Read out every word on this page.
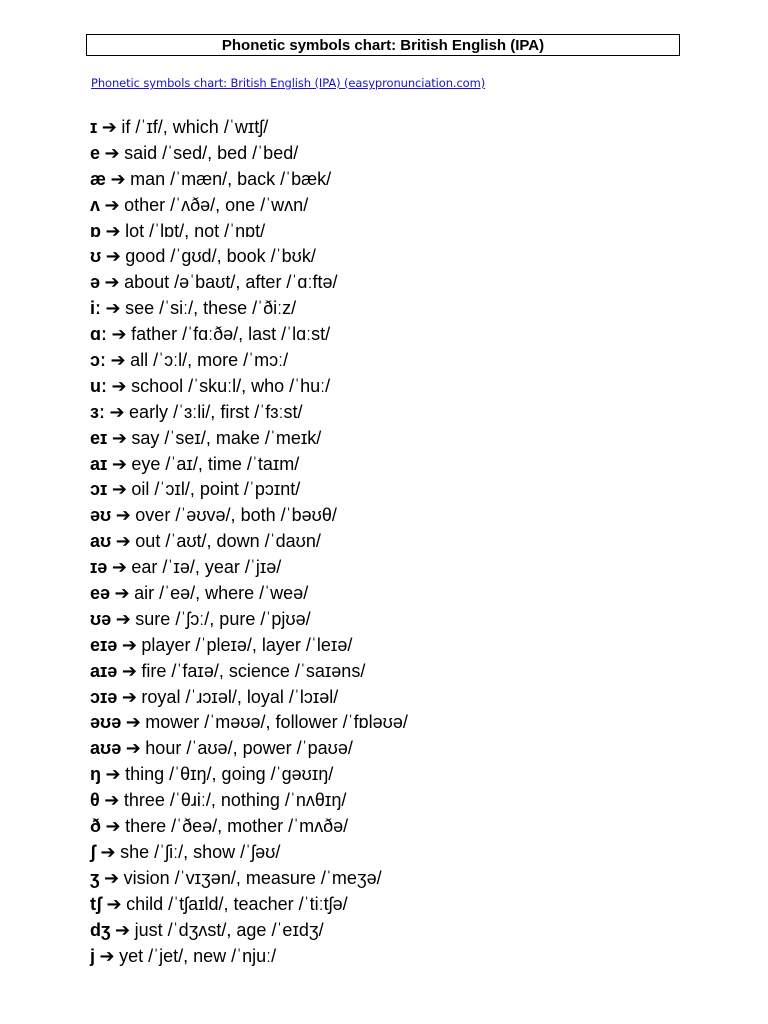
Phonetic symbols chart: British English (IPA)
Phonetic symbols chart: British English (IPA) (easypronunciation.com)
ɪ ➔ if /ˈɪf/, which /ˈwɪtʃ/
e ➔ said /ˈsed/, bed /ˈbed/
æ ➔ man /ˈmæn/, back /ˈbæk/
ʌ ➔ other /ˈʌðə/, one /ˈwʌn/
ɒ ➔ lot /ˈlɒt/, not /ˈnɒt/
ʊ ➔ good /ˈɡʊd/, book /ˈbʊk/
ə ➔ about /əˈbaʊt/, after /ˈɑːftə/
iː ➔ see /ˈsiː/, these /ˈðiːz/
ɑː ➔ father /ˈfɑːðə/, last /ˈlɑːst/
ɔː ➔ all /ˈɔːl/, more /ˈmɔː/
uː ➔ school /ˈskuːl/, who /ˈhuː/
ɜː ➔ early /ˈɜːli/, first /ˈfɜːst/
eɪ ➔ say /ˈseɪ/, make /ˈmeɪk/
aɪ ➔ eye /ˈaɪ/, time /ˈtaɪm/
ɔɪ ➔ oil /ˈɔɪl/, point /ˈpɔɪnt/
əʊ ➔ over /ˈəʊvə/, both /ˈbəʊθ/
aʊ ➔ out /ˈaʊt/, down /ˈdaʊn/
ɪə ➔ ear /ˈɪə/, year /ˈjɪə/
eə ➔ air /ˈeə/, where /ˈweə/
ʊə ➔ sure /ˈʃɔː/, pure /ˈpjʊə/
eɪə ➔ player /ˈpleɪə/, layer /ˈleɪə/
aɪə ➔ fire /ˈfaɪə/, science /ˈsaɪəns/
ɔɪə ➔ royal /ˈɹɔɪəl/, loyal /ˈlɔɪəl/
əʊə ➔ mower /ˈməʊə/, follower /ˈfɒləʊə/
aʊə ➔ hour /ˈaʊə/, power /ˈpaʊə/
ŋ ➔ thing /ˈθɪŋ/, going /ˈɡəʊɪŋ/
θ ➔ three /ˈθɹiː/, nothing /ˈnʌθɪŋ/
ð ➔ there /ˈðeə/, mother /ˈmʌðə/
ʃ ➔ she /ˈʃiː/, show /ˈʃəʊ/
ʒ ➔ vision /ˈvɪʒən/, measure /ˈmeʒə/
tʃ ➔ child /ˈtʃaɪld/, teacher /ˈtiːtʃə/
dʒ ➔ just /ˈdʒʌst/, age /ˈeɪdʒ/
j ➔ yet /ˈjet/, new /ˈnjuː/
